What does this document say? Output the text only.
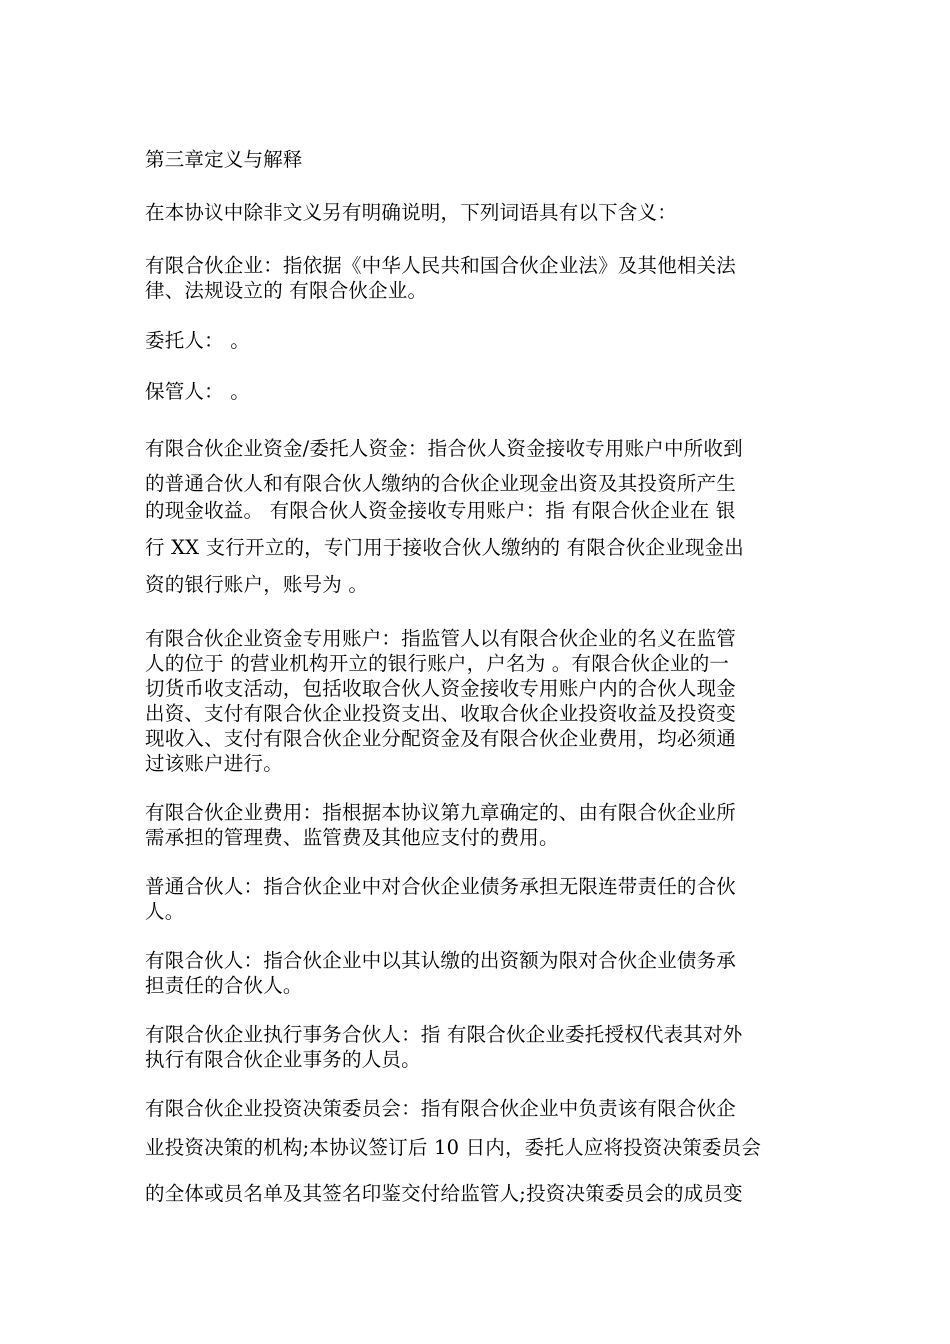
第三章定义与解释
在本协议中除非文义另有明确说明，下列词语具有以下含义：
有限合伙企业：指依据《中华人民共和国合伙企业法》及其他相关法
律、法规设立的 有限合伙企业。
委托人： 。
保管人： 。
有限合伙企业资金/委托人资金：指合伙人资金接收专用账户中所收到
的普通合伙人和有限合伙人缴纳的合伙企业现金出资及其投资所产生
的现金收益。 有限合伙人资金接收专用账户：指 有限合伙企业在 银
行 XX 支行开立的，专门用于接收合伙人缴纳的 有限合伙企业现金出
资的银行账户，账号为 。
有限合伙企业资金专用账户：指监管人以有限合伙企业的名义在监管
人的位于 的营业机构开立的银行账户，户名为 。有限合伙企业的一
切货币收支活动，包括收取合伙人资金接收专用账户内的合伙人现金
出资、支付有限合伙企业投资支出、收取合伙企业投资收益及投资变
现收入、支付有限合伙企业分配资金及有限合伙企业费用，均必须通
过该账户进行。
有限合伙企业费用：指根据本协议第九章确定的、由有限合伙企业所
需承担的管理费、监管费及其他应支付的费用。
普通合伙人：指合伙企业中对合伙企业债务承担无限连带责任的合伙
人。
有限合伙人：指合伙企业中以其认缴的出资额为限对合伙企业债务承
担责任的合伙人。
有限合伙企业执行事务合伙人：指 有限合伙企业委托授权代表其对外
执行有限合伙企业事务的人员。
有限合伙企业投资决策委员会：指有限合伙企业中负责该有限合伙企
业投资决策的机构;本协议签订后 10 日内，委托人应将投资决策委员会
的全体或员名单及其签名印鉴交付给监管人;投资决策委员会的成员变
